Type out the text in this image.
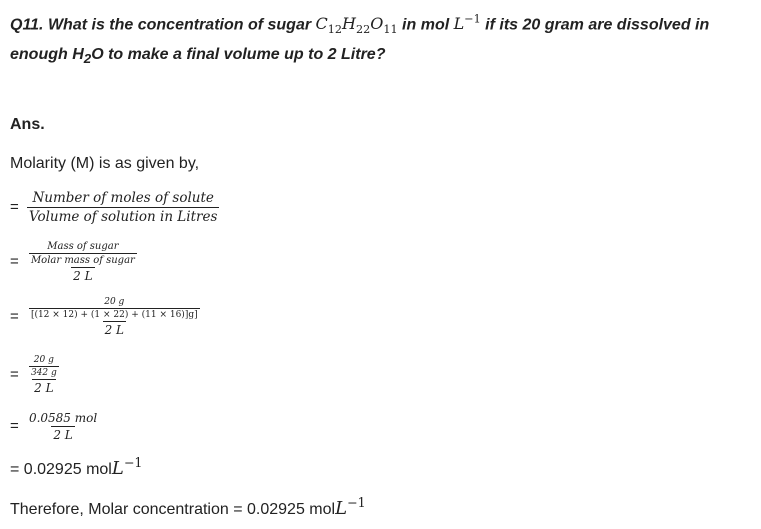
Q11. What is the concentration of sugar $C_{12}H_{22}O_{11}$ in mol $L^{-1}$ if its 20 gram are dissolved in enough $H_2O$ to make a final volume up to 2 Litre?
Ans.
Molarity (M) is as given by,
= $\frac{\text{Number of moles of solute}}{\text{Volume of solution in Litres}}$
= $\frac{\frac{\text{Mass of sugar}}{\text{Molar mass of sugar}}}{2 L}$
= $\frac{\frac{20 g}{[(12 \times 12) + (1 \times 22) + (11 \times 16)]g]}}{2 L}$
= $\frac{\frac{20 g}{342 g}}{2 L}$
= $\frac{\text{0.0585 mol}}{2 L}$
= 0.02925 molL$^{-1}$
Therefore, Molar concentration = 0.02925 molL$^{-1}$
